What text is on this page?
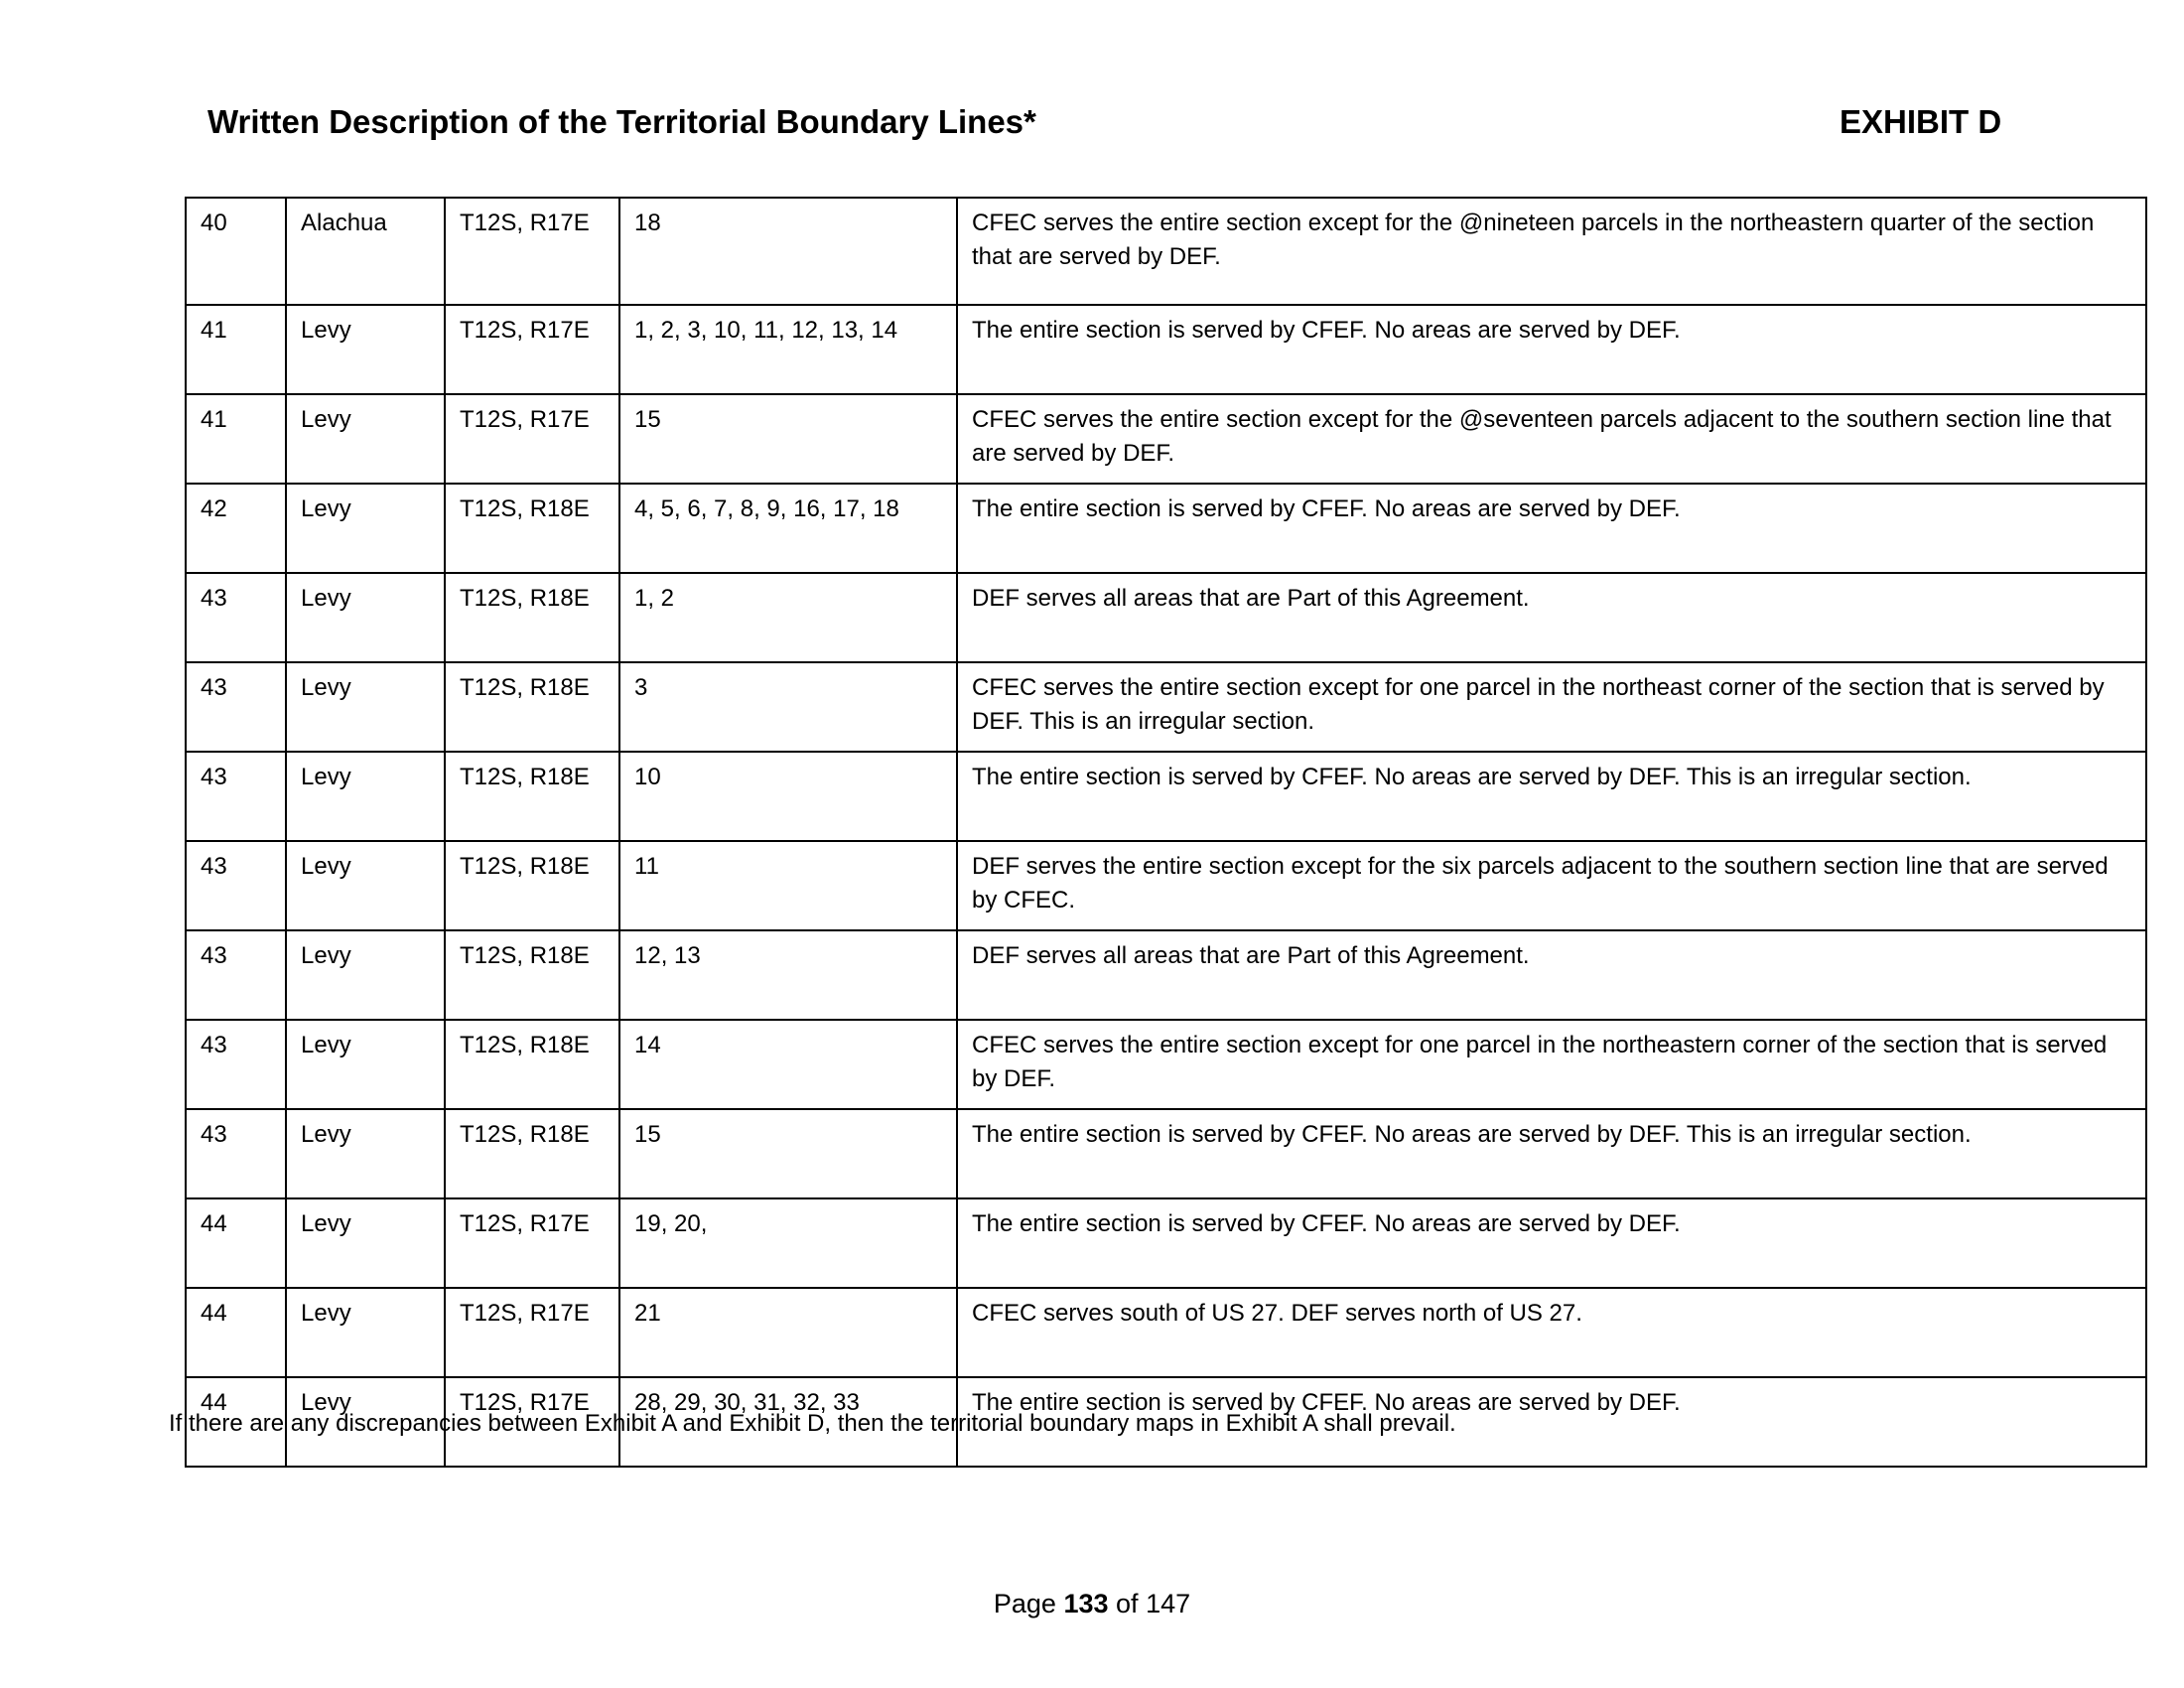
Written Description of the Territorial Boundary Lines*	EXHIBIT D
40	Alachua	T12S, R17E	18	CFEC serves the entire section except for the @nineteen parcels in the northeastern quarter of the section that are served by DEF.
41	Levy	T12S, R17E	1, 2, 3, 10, 11, 12, 13, 14	The entire section is served by CFEF. No areas are served by DEF.
41	Levy	T12S, R17E	15	CFEC serves the entire section except for the @seventeen parcels adjacent to the southern section line that are served by DEF.
42	Levy	T12S, R18E	4, 5, 6, 7, 8, 9, 16, 17, 18	The entire section is served by CFEF. No areas are served by DEF.
43	Levy	T12S, R18E	1, 2	DEF serves all areas that are Part of this Agreement.
43	Levy	T12S, R18E	3	CFEC serves the entire section except for one parcel in the northeast corner of the section that is served by DEF. This is an irregular section.
43	Levy	T12S, R18E	10	The entire section is served by CFEF. No areas are served by DEF. This is an irregular section.
43	Levy	T12S, R18E	11	DEF serves the entire section except for the six parcels adjacent to the southern section line that are served by CFEC.
43	Levy	T12S, R18E	12, 13	DEF serves all areas that are Part of this Agreement.
43	Levy	T12S, R18E	14	CFEC serves the entire section except for one parcel in the northeastern corner of the section that is served by DEF.
43	Levy	T12S, R18E	15	The entire section is served by CFEF. No areas are served by DEF. This is an irregular section.
44	Levy	T12S, R17E	19, 20,	The entire section is served by CFEF. No areas are served by DEF.
44	Levy	T12S, R17E	21	CFEC serves south of US 27. DEF serves north of US 27.
44	Levy	T12S, R17E	28, 29, 30, 31, 32, 33	The entire section is served by CFEF. No areas are served by DEF.
If there are any discrepancies between Exhibit A and Exhibit D, then the territorial boundary maps in Exhibit A shall prevail.
Page 133 of 147
